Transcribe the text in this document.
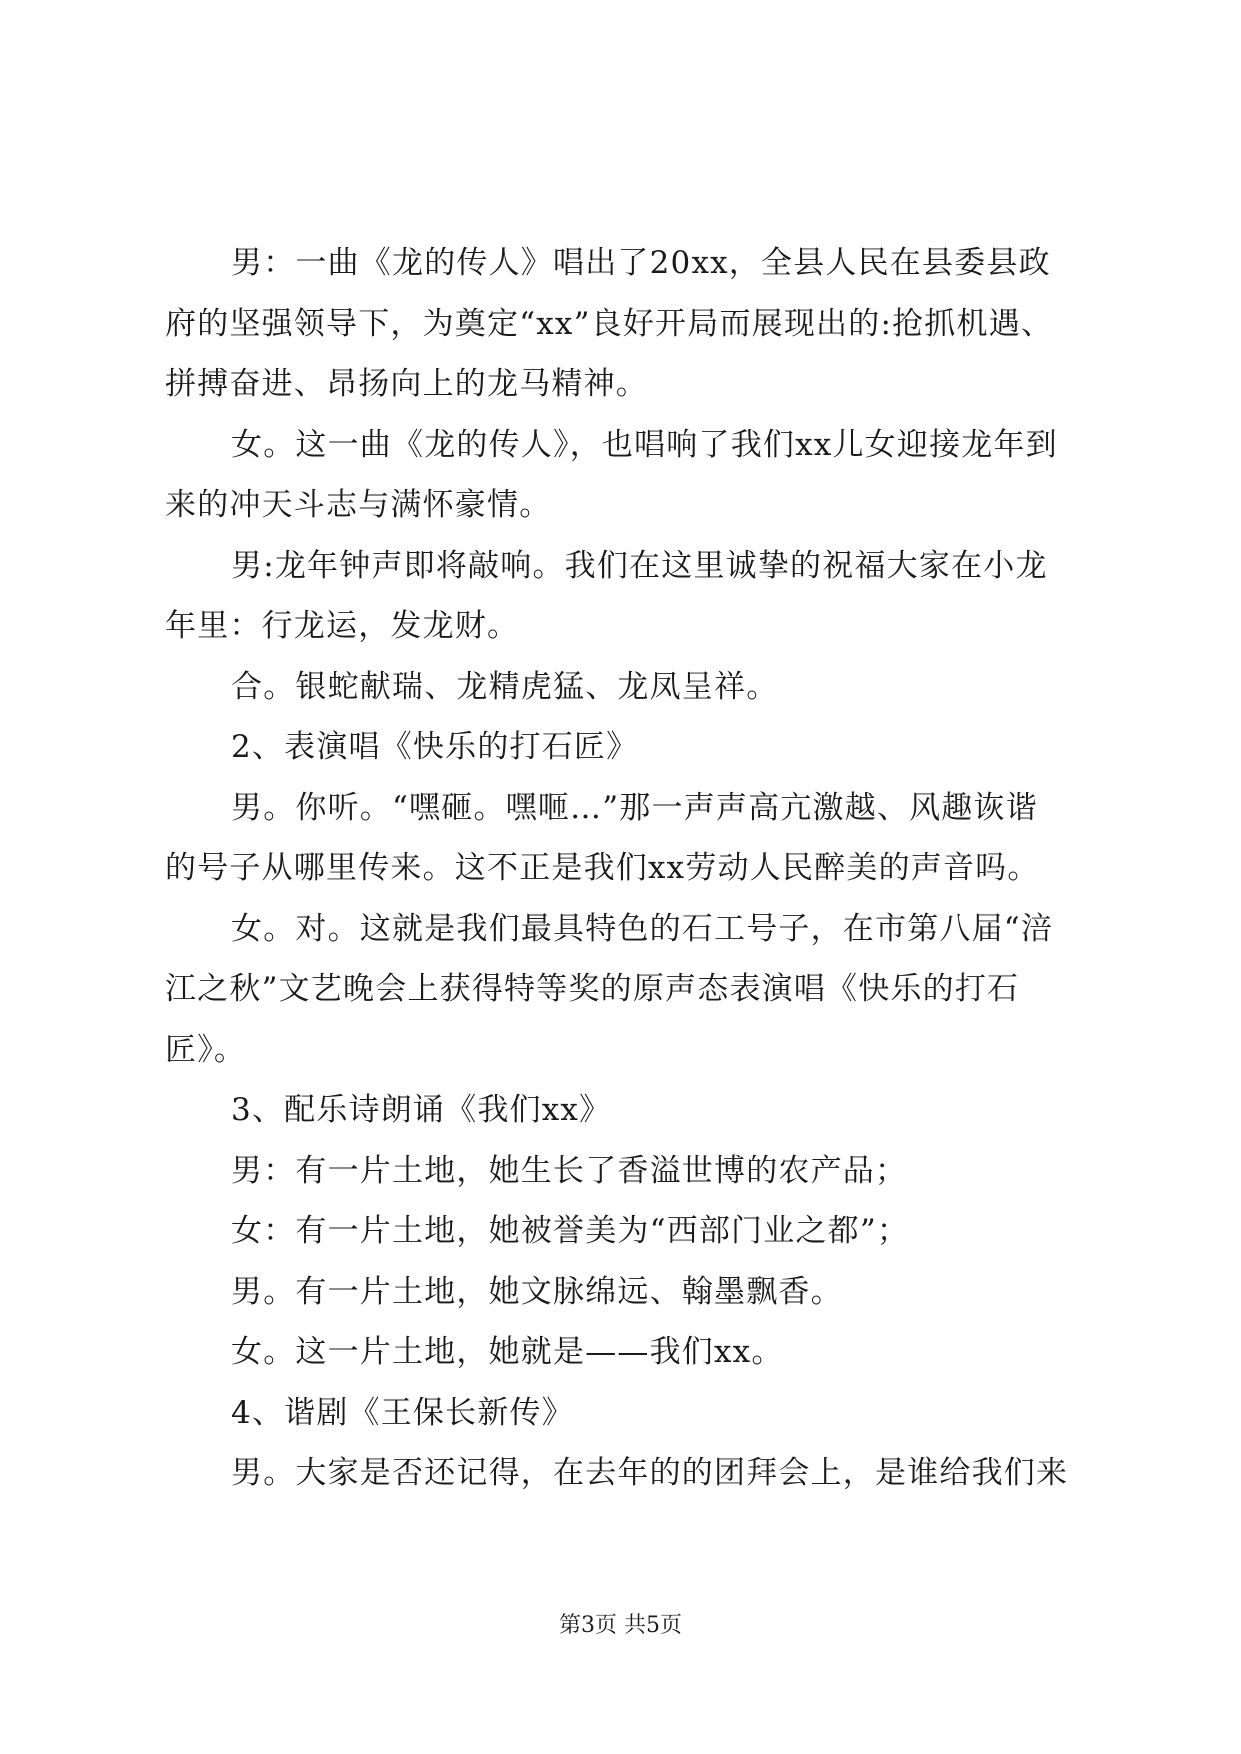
男：一曲《龙的传人》唱出了20xx，全县人民在县委县政
府的坚强领导下，为奠定“xx”良好开局而展现出的:抢抓机遇、
拼搏奋进、昂扬向上的龙马精神。
女。这一曲《龙的传人》，也唱响了我们xx儿女迎接龙年到
来的冲天斗志与满怀豪情。
男:龙年钟声即将敲响。我们在这里诚挚的祝福大家在小龙
年里：行龙运，发龙财。
合。银蛇献瑞、龙精虎猛、龙凤呈祥。
2、表演唱《快乐的打石匠》
男。你听。“嘿砸。嘿咂…”那一声声高亢激越、风趣诙谐
的号子从哪里传来。这不正是我们xx劳动人民醉美的声音吗。
女。对。这就是我们最具特色的石工号子，在市第八届“涪
江之秋”文艺晚会上获得特等奖的原声态表演唱《快乐的打石
匠》。
3、配乐诗朗诵《我们xx》
男：有一片土地，她生长了香溢世博的农产品；
女：有一片土地，她被誉美为“西部门业之都”；
男。有一片土地，她文脉绵远、翰墨飘香。
女。这一片土地，她就是——我们xx。
4、谐剧《王保长新传》
男。大家是否还记得，在去年的的团拜会上，是谁给我们来
第3页 共5页
